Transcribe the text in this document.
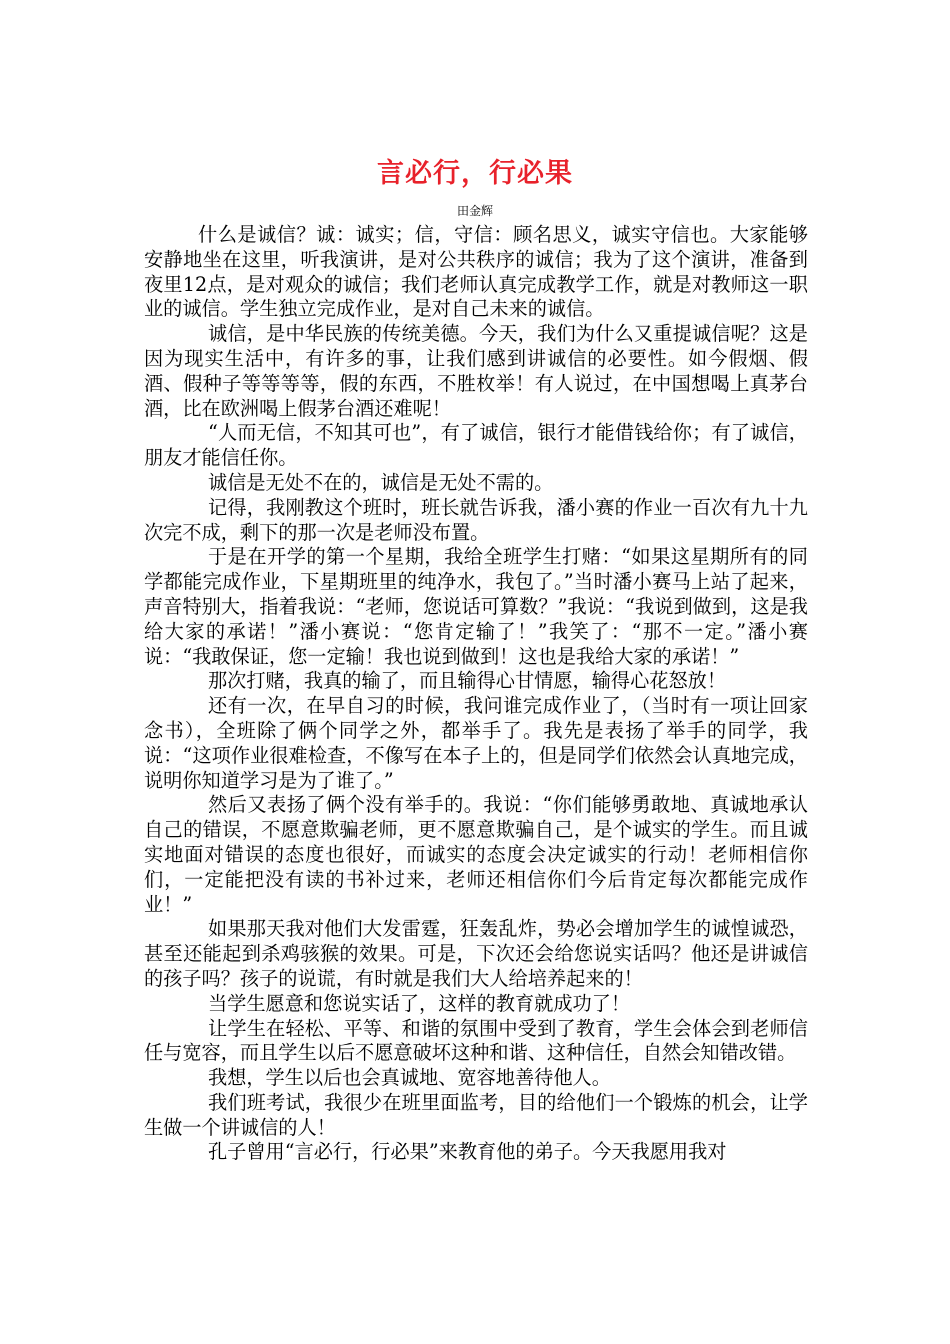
言必行，行必果
田金辉

什么是诚信？诚：诚实；信，守信：顾名思义，诚实守信也。大家能够安静地坐在这里，听我演讲，是对公共秩序的诚信；我为了这个演讲，准备到夜里12点，是对观众的诚信；我们老师认真完成教学工作，就是对教师这一职业的诚信。学生独立完成作业，是对自己未来的诚信。

诚信，是中华民族的传统美德。今天，我们为什么又重提诚信呢？这是因为现实生活中，有许多的事，让我们感到讲诚信的必要性。如今假烟、假酒、假种子等等等等，假的东西，不胜枚举！有人说过，在中国想喝上真茅台酒，比在欧洲喝上假茅台酒还难呢！

“人而无信，不知其可也”，有了诚信，银行才能借钱给你；有了诚信，朋友才能信任你。

诚信是无处不在的，诚信是无处不需的。

记得，我刚教这个班时，班长就告诉我，潘小赛的作业一百次有九十九次完不成，剩下的那一次是老师没布置。

于是在开学的第一个星期，我给全班学生打赌：“如果这星期所有的同学都能完成作业，下星期班里的纯净水，我包了。”当时潘小赛马上站了起来，声音特别大，指着我说：“老师，您说话可算数？”我说：“我说到做到，这是我给大家的承诺！”潘小赛说：“您肯定输了！”我笑了：“那不一定。”潘小赛说：“我敢保证，您一定输！我也说到做到！这也是我给大家的承诺！”

那次打赌，我真的输了，而且输得心甘情愿，输得心花怒放！

还有一次，在早自习的时候，我问谁完成作业了，（当时有一项让回家念书），全班除了俩个同学之外，都举手了。我先是表扬了举手的同学，我说：“这项作业很难检查，不像写在本子上的，但是同学们依然会认真地完成，说明你知道学习是为了谁了。”

然后又表扬了俩个没有举手的。我说：“你们能够勇敢地、真诚地承认自己的错误，不愿意欺骗老师，更不愿意欺骗自己，是个诚实的学生。而且诚实地面对错误的态度也很好，而诚实的态度会决定诚实的行动！老师相信你们，一定能把没有读的书补过来，老师还相信你们今后肯定每次都能完成作业！”

如果那天我对他们大发雷霆，狂轰乱炸，势必会增加学生的诚惶诚恐，甚至还能起到杀鸡骇猴的效果。可是，下次还会给您说实话吗？他还是讲诚信的孩子吗？孩子的说谎，有时就是我们大人给培养起来的！

当学生愿意和您说实话了，这样的教育就成功了！

让学生在轻松、平等、和谐的氛围中受到了教育，学生会体会到老师信任与宽容，而且学生以后不愿意破坏这种和谐、这种信任，自然会知错改错。

我想，学生以后也会真诚地、宽容地善待他人。

我们班考试，我很少在班里面监考，目的给他们一个锻炼的机会，让学生做一个讲诚信的人！

孔子曾用“言必行，行必果”来教育他的弟子。今天我愿用我对
